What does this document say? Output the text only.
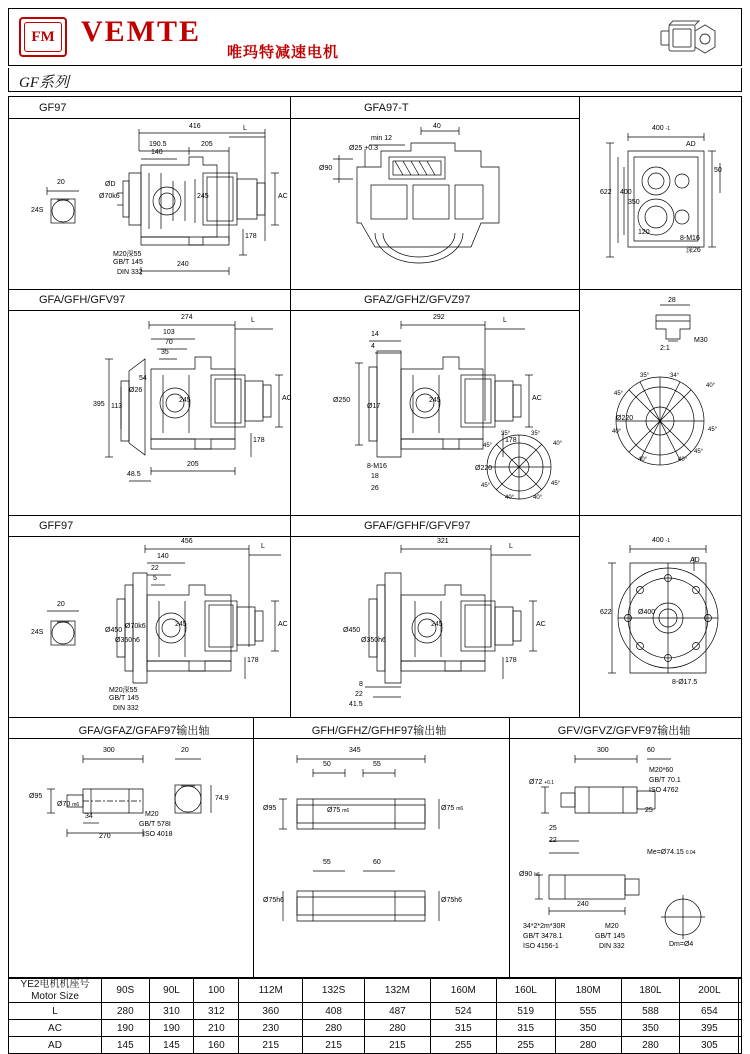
FM VEMTE
唯玛特减速电机
GF系列
GF97	GFA97-T
GFA/GFH/GFV97	GFAZ/GFHZ/GFVZ97
GFF97	GFAF/GFHF/GFVF97
GFA/GFAZ/GFAF97输出轴	GFH/GFHZ/GFHF97输出轴	GFV/GFVZ/GFVF97输出轴
416
190.5	205
L
AC
140
ØD
Ø70k6	245
178
240
24S
20
M20深55
GB/T 145
DIN 332
40
min 12
Ø25 +0.3
Ø90
400 -1
AD
50
400
350
622
120
8-M16
深26
274	L
103
70
35
AC
395 113
Ø26
54
245
178
205
48.5
292	L
14
4
AC
Ø250
Ø17
245
178
Ø220
8-M16
18
26
35°	35°
40°
45°
45°
45°
40°	40°
28
2:1
M30
Ø220
35°	34°
40°
45°
45°
40°
40°	40°
45°
456
L
140
22
5
AC
245
20
24S	Ø450
Ø350h6
Ø70k6
178
M20深55
GB/T 145
DIN 332
321
L
AC
245
Ø450
Ø350h6
178
8
22
41.5
400 -1
AD
622	Ø400
8-Ø17.5
300	20
Ø95
Ø70 m6
34
270
M20
GB/T 578I
ISO 4018
74.9
345
50	55
Ø95	Ø75 m6	Ø75 m6
55	60
Ø75h6	Ø75h6
300	60
Ø72 +0.1
M20*60
GB/T 70.1
ISO 4762
25
25
22
Ø90 h6
240
Me=Ø74.15 0.04
34*2*2m*30R
GB/T 3478.1
ISO 4156-1
M20
GB/T 145
DIN 332	Dm=Ø4
YE2电机机座号
Motor Size	90S	90L	100	112M	132S	132M	160M	160L	180M	180L	200L	
L	280	310	312	360	408	487	524	519	555	588	654	
AC	190	190	210	230	280	280	315	315	350	350	395	
AD	145	145	160	215	215	215	255	255	280	280	305	
